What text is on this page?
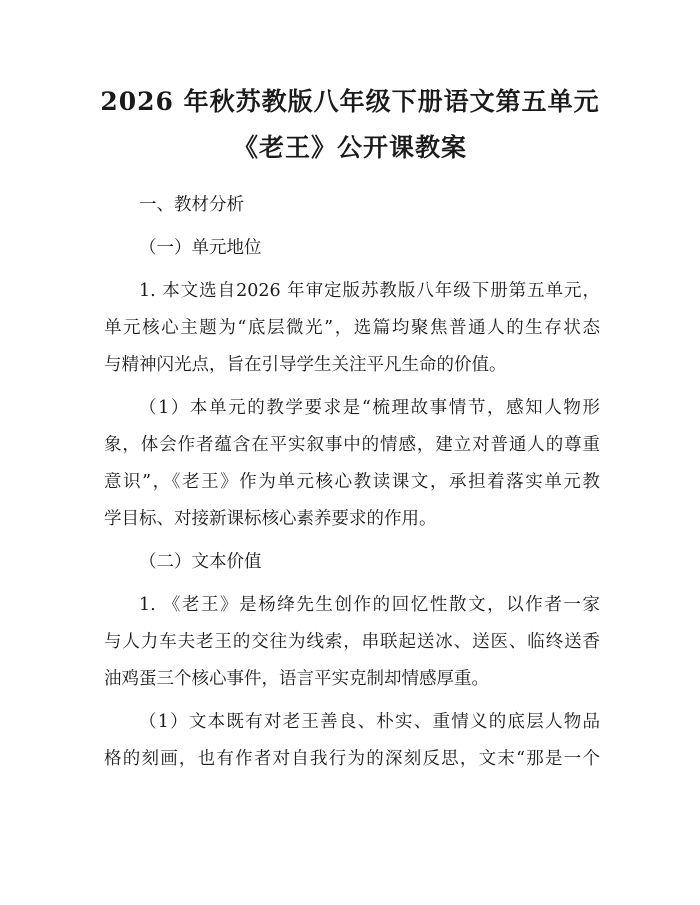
2026 年秋苏教版八年级下册语文第五单元
《老王》公开课教案

一、教材分析

（一）单元地位

1. 本文选自2026 年审定版苏教版八年级下册第五单元，
单元核心主题为“底层微光”，选篇均聚焦普通人的生存状态
与精神闪光点，旨在引导学生关注平凡生命的价值。

（1）本单元的教学要求是“梳理故事情节，感知人物形
象，体会作者蕴含在平实叙事中的情感，建立对普通人的尊重
意识”，《老王》作为单元核心教读课文，承担着落实单元教
学目标、对接新课标核心素养要求的作用。

（二）文本价值

1. 《老王》是杨绛先生创作的回忆性散文，以作者一家
与人力车夫老王的交往为线索，串联起送冰、送医、临终送香
油鸡蛋三个核心事件，语言平实克制却情感厚重。

（1）文本既有对老王善良、朴实、重情义的底层人物品
格的刻画，也有作者对自我行为的深刻反思，文末“那是一个
